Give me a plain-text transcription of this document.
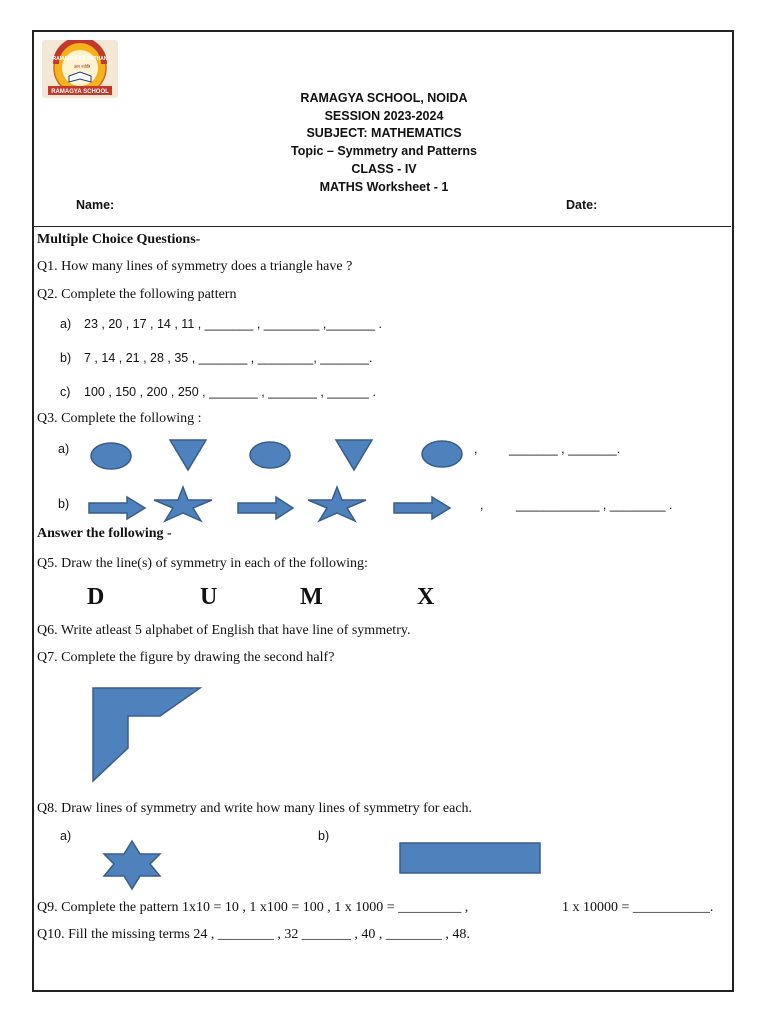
RAMAGYA KE PATHAN
ज्ञान ज्योति
RAMAGYA SCHOOL	RAMAGYA SCHOOL, NOIDA
SESSION 2023-2024
SUBJECT: MATHEMATICS
Topic – Symmetry and Patterns
CLASS - IV
MATHS Worksheet - 1
Name:	Date:
Multiple Choice Questions-
Q1. How many lines of symmetry does a triangle have ?
Q2. Complete the following pattern
a) 23 , 20 , 17 , 14 , 11 , _______ , ________ ,_______ .
b) 7 , 14 , 21 , 28 , 35 , _______ , ________, _______.
c) 100 , 150 , 200 , 250 , _______ , _______ , ______ .
Q3. Complete the following :
a)	,	_______ , _______.
b)	,	____________ , ________ .
Answer the following -
Q5. Draw the line(s) of symmetry in each of the following:
D	U	M	X
Q6. Write atleast 5 alphabet of English that have line of symmetry.
Q7. Complete the figure by drawing the second half?
Q8. Draw lines of symmetry and write how many lines of symmetry for each.
a)	b)
Q9. Complete the pattern 1x10 = 10 , 1 x100 = 100 , 1 x 1000 = _________ ,	1 x 10000 = ___________.
Q10. Fill the missing terms 24 , ________ , 32 _______ , 40 , ________ , 48.
